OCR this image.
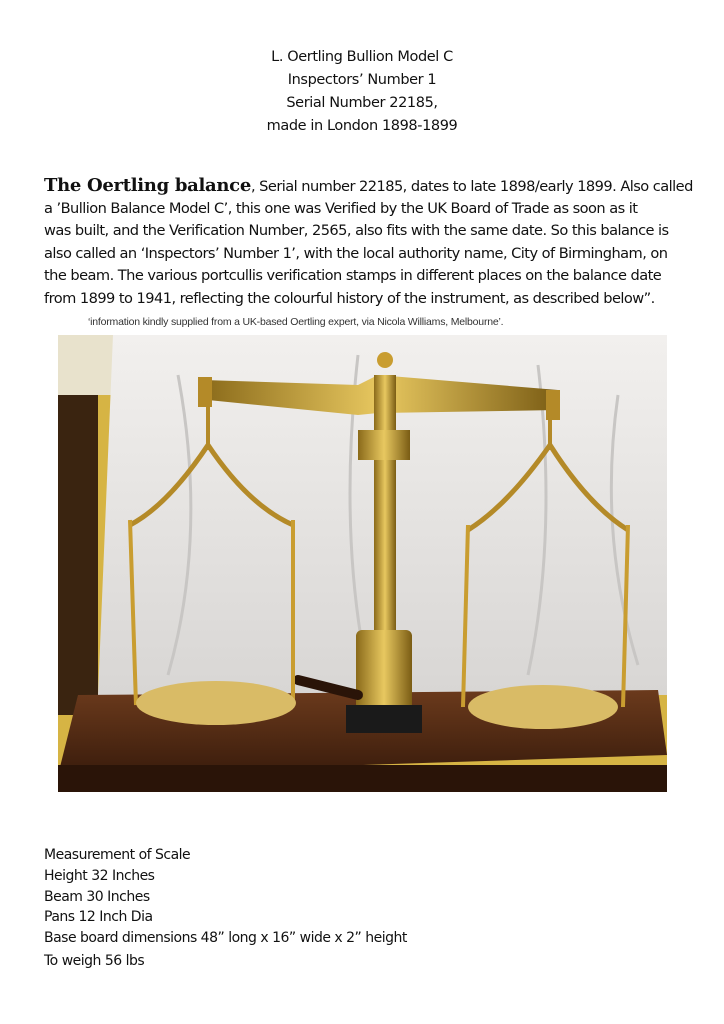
L. Oertling Bullion Model C
Inspectors’ Number 1
Serial Number 22185,
made in London 1898-1899
The Oertling balance, Serial number 22185, dates to late 1898/early 1899. Also called
a ’Bullion Balance Model C’, this one was Verified by the UK Board of Trade as soon as it
was built, and the Verification Number, 2565, also fits with the same date. So this balance is
also called an ‘Inspectors’ Number 1’, with the local authority name, City of Birmingham, on
the beam. The various portcullis verification stamps in different places on the balance date
from 1899 to 1941, reflecting the colourful history of the instrument, as described below”.
‘information kindly supplied from a UK-based Oertling expert, via Nicola Williams, Melbourne’.
Measurement of Scale
Height 32 Inches
Beam 30 Inches
Pans 12 Inch Dia
Base board dimensions 48” long x 16” wide x 2” height
To weigh 56 lbs
